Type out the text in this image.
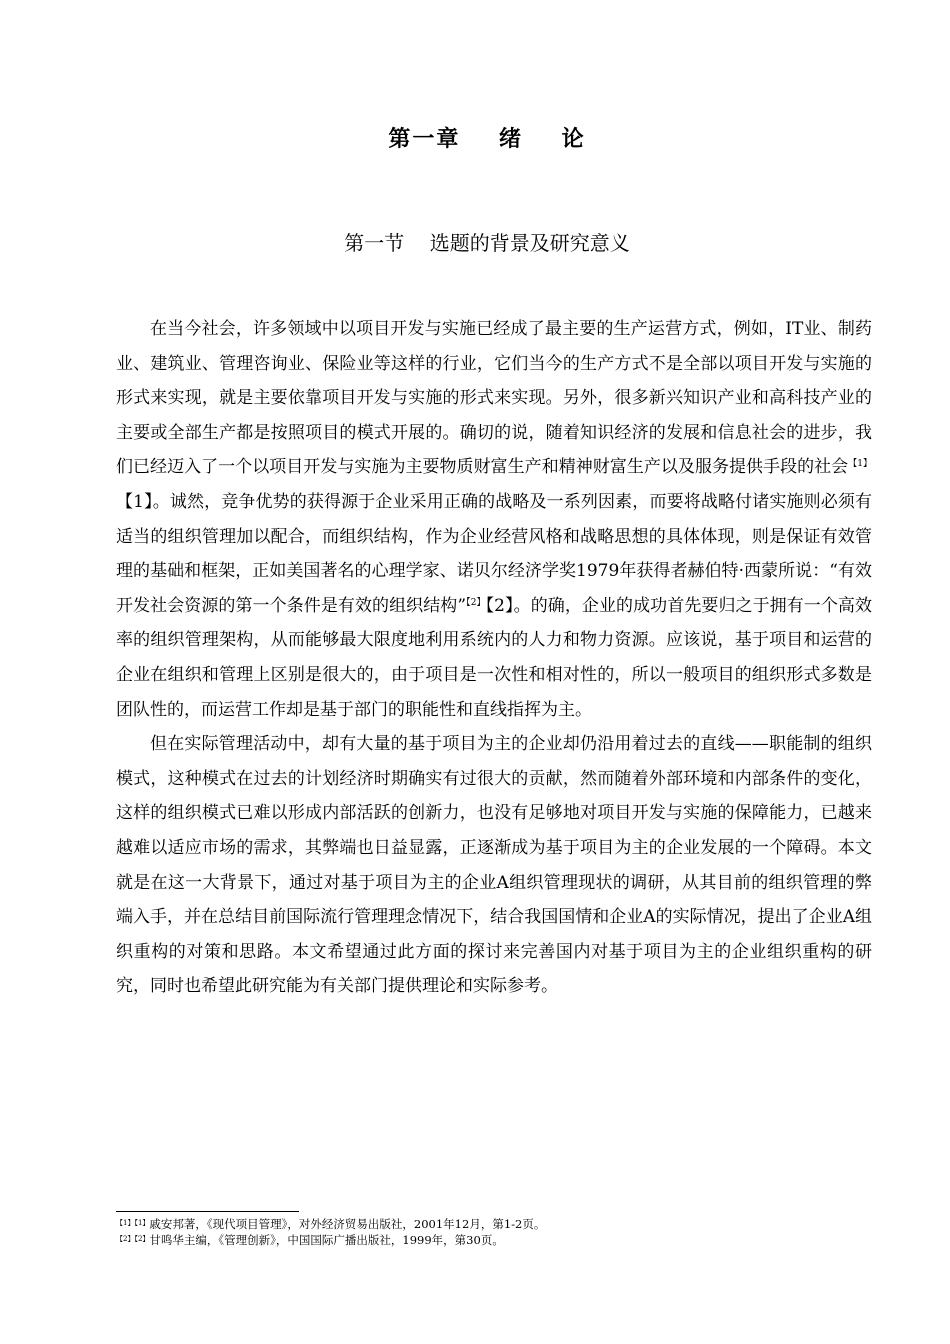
第一章    绪    论
第一节    选题的背景及研究意义

在当今社会，许多领域中以项目开发与实施已经成了最主要的生产运营方式，例如，IT业、制药业、建筑业、管理咨询业、保险业等这样的行业，它们当今的生产方式不是全部以项目开发与实施的形式来实现，就是主要依靠项目开发与实施的形式来实现。另外，很多新兴知识产业和高科技产业的主要或全部生产都是按照项目的模式开展的。确切的说，随着知识经济的发展和信息社会的进步，我们已经迈入了一个以项目开发与实施为主要物质财富生产和精神财富生产以及服务提供手段的社会$^{【1】}$【1】。诚然，竞争优势的获得源于企业采用正确的战略及一系列因素，而要将战略付诸实施则必须有适当的组织管理加以配合，而组织结构，作为企业经营风格和战略思想的具体体现，则是保证有效管理的基础和框架，正如美国著名的心理学家、诺贝尔经济学奖1979年获得者赫伯特·西蒙所说：“有效开发社会资源的第一个条件是有效的组织结构”$^{【2】}$【2】。的确，企业的成功首先要归之于拥有一个高效率的组织管理架构，从而能够最大限度地利用系统内的人力和物力资源。应该说，基于项目和运营的企业在组织和管理上区别是很大的，由于项目是一次性和相对性的，所以一般项目的组织形式多数是团队性的，而运营工作却是基于部门的职能性和直线指挥为主。

但在实际管理活动中，却有大量的基于项目为主的企业却仍沿用着过去的直线——职能制的组织模式，这种模式在过去的计划经济时期确实有过很大的贡献，然而随着外部环境和内部条件的变化，这样的组织模式已难以形成内部活跃的创新力，也没有足够地对项目开发与实施的保障能力，已越来越难以适应市场的需求，其弊端也日益显露，正逐渐成为基于项目为主的企业发展的一个障碍。本文就是在这一大背景下，通过对基于项目为主的企业A组织管理现状的调研，从其目前的组织管理的弊端入手，并在总结目前国际流行管理理念情况下，结合我国国情和企业A的实际情况，提出了企业A组织重构的对策和思路。本文希望通过此方面的探讨来完善国内对基于项目为主的企业组织重构的研究，同时也希望此研究能为有关部门提供理论和实际参考。

$^{【1】【1】}$戚安邦著，《现代项目管理》，对外经济贸易出版社，2001年12月，第1-2页。
$^{【2】【2】}$甘鸣华主编，《管理创新》，中国国际广播出版社，1999年，第30页。
